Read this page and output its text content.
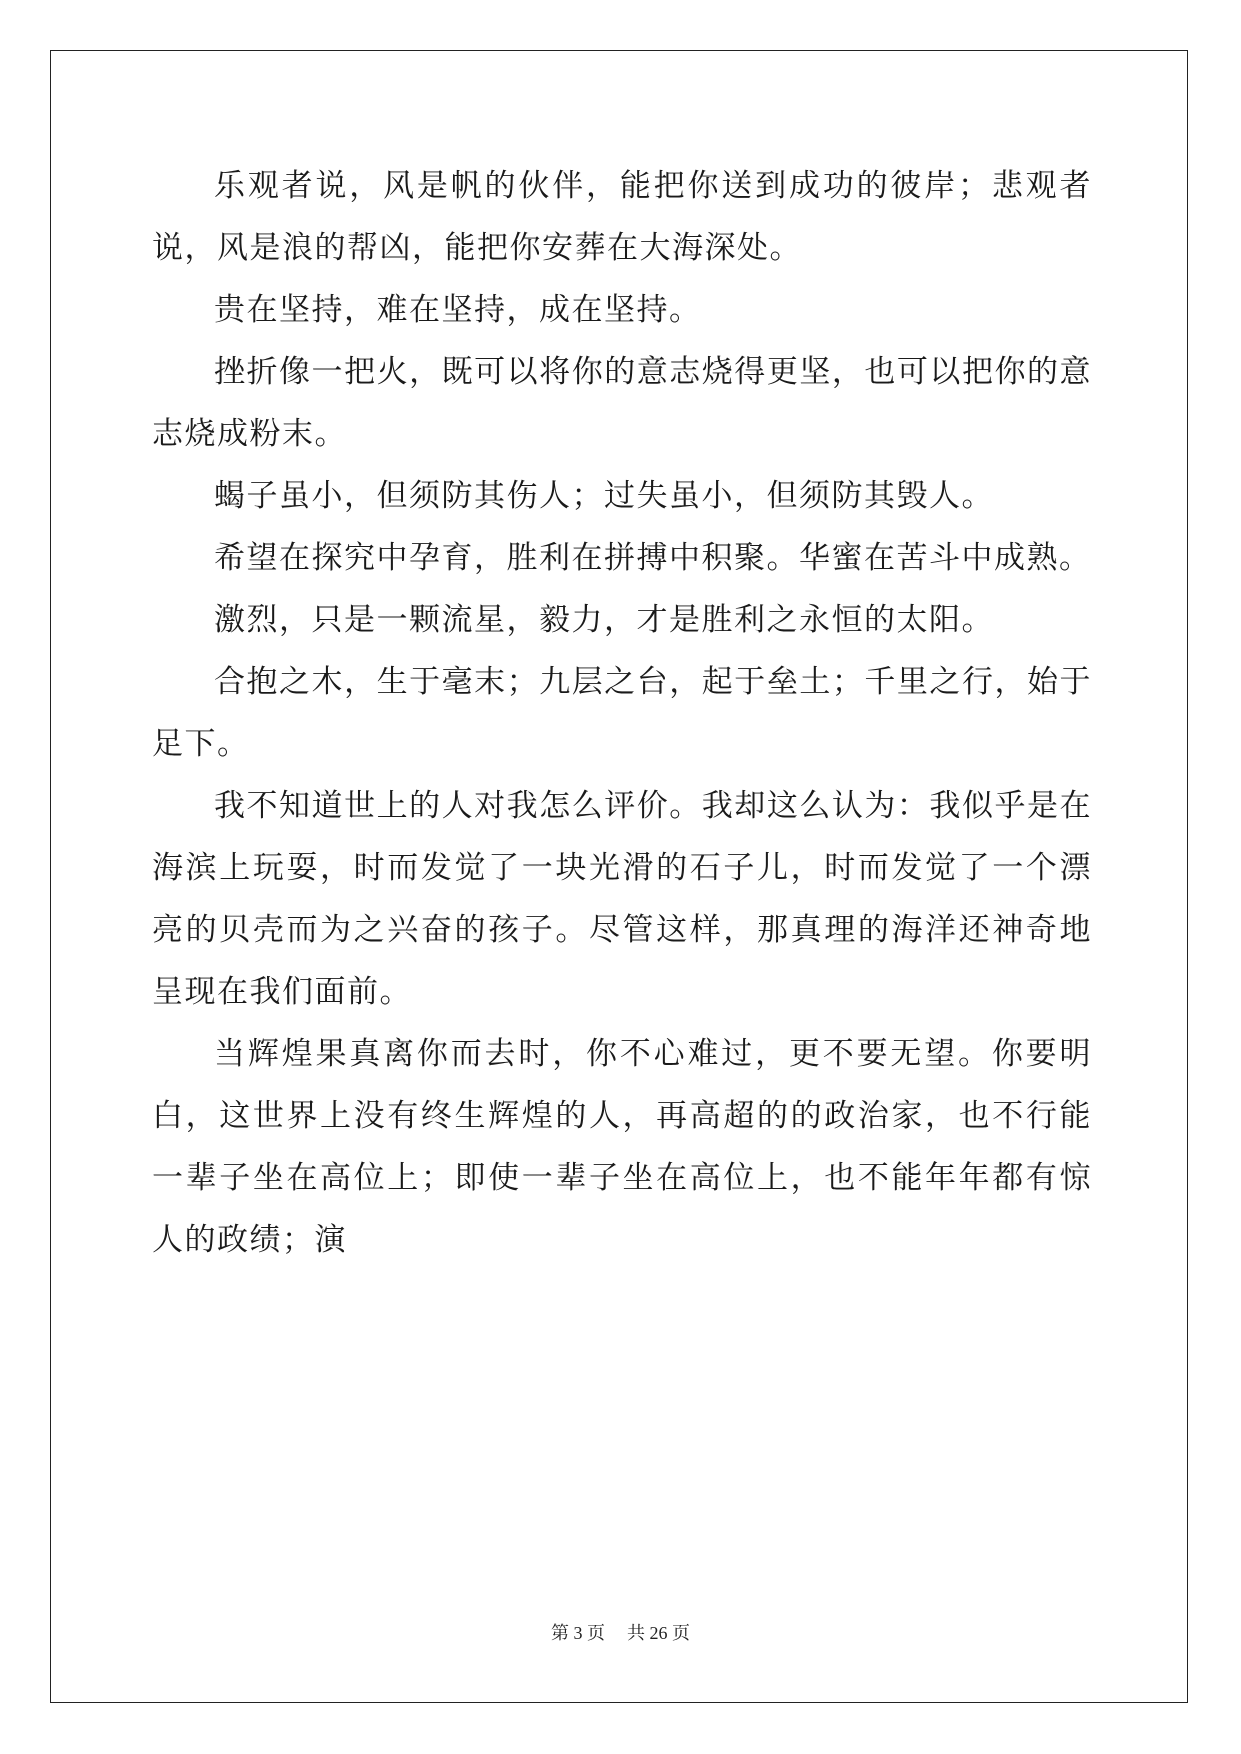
乐观者说，风是帆的伙伴，能把你送到成功的彼岸；悲观者说，风是浪的帮凶，能把你安葬在大海深处。

贵在坚持，难在坚持，成在坚持。

挫折像一把火，既可以将你的意志烧得更坚，也可以把你的意志烧成粉末。

蝎子虽小，但须防其伤人；过失虽小，但须防其毁人。

希望在探究中孕育，胜利在拼搏中积聚。华蜜在苦斗中成熟。

激烈，只是一颗流星，毅力，才是胜利之永恒的太阳。

合抱之木，生于毫末；九层之台，起于垒土；千里之行，始于足下。

我不知道世上的人对我怎么评价。我却这么认为：我似乎是在海滨上玩耍，时而发觉了一块光滑的石子儿，时而发觉了一个漂亮的贝壳而为之兴奋的孩子。尽管这样，那真理的海洋还神奇地呈现在我们面前。

当辉煌果真离你而去时，你不心难过，更不要无望。你要明白，这世界上没有终生辉煌的人，再高超的的政治家，也不行能一辈子坐在高位上；即使一辈子坐在高位上，也不能年年都有惊人的政绩；演

第 3 页 共 26 页
